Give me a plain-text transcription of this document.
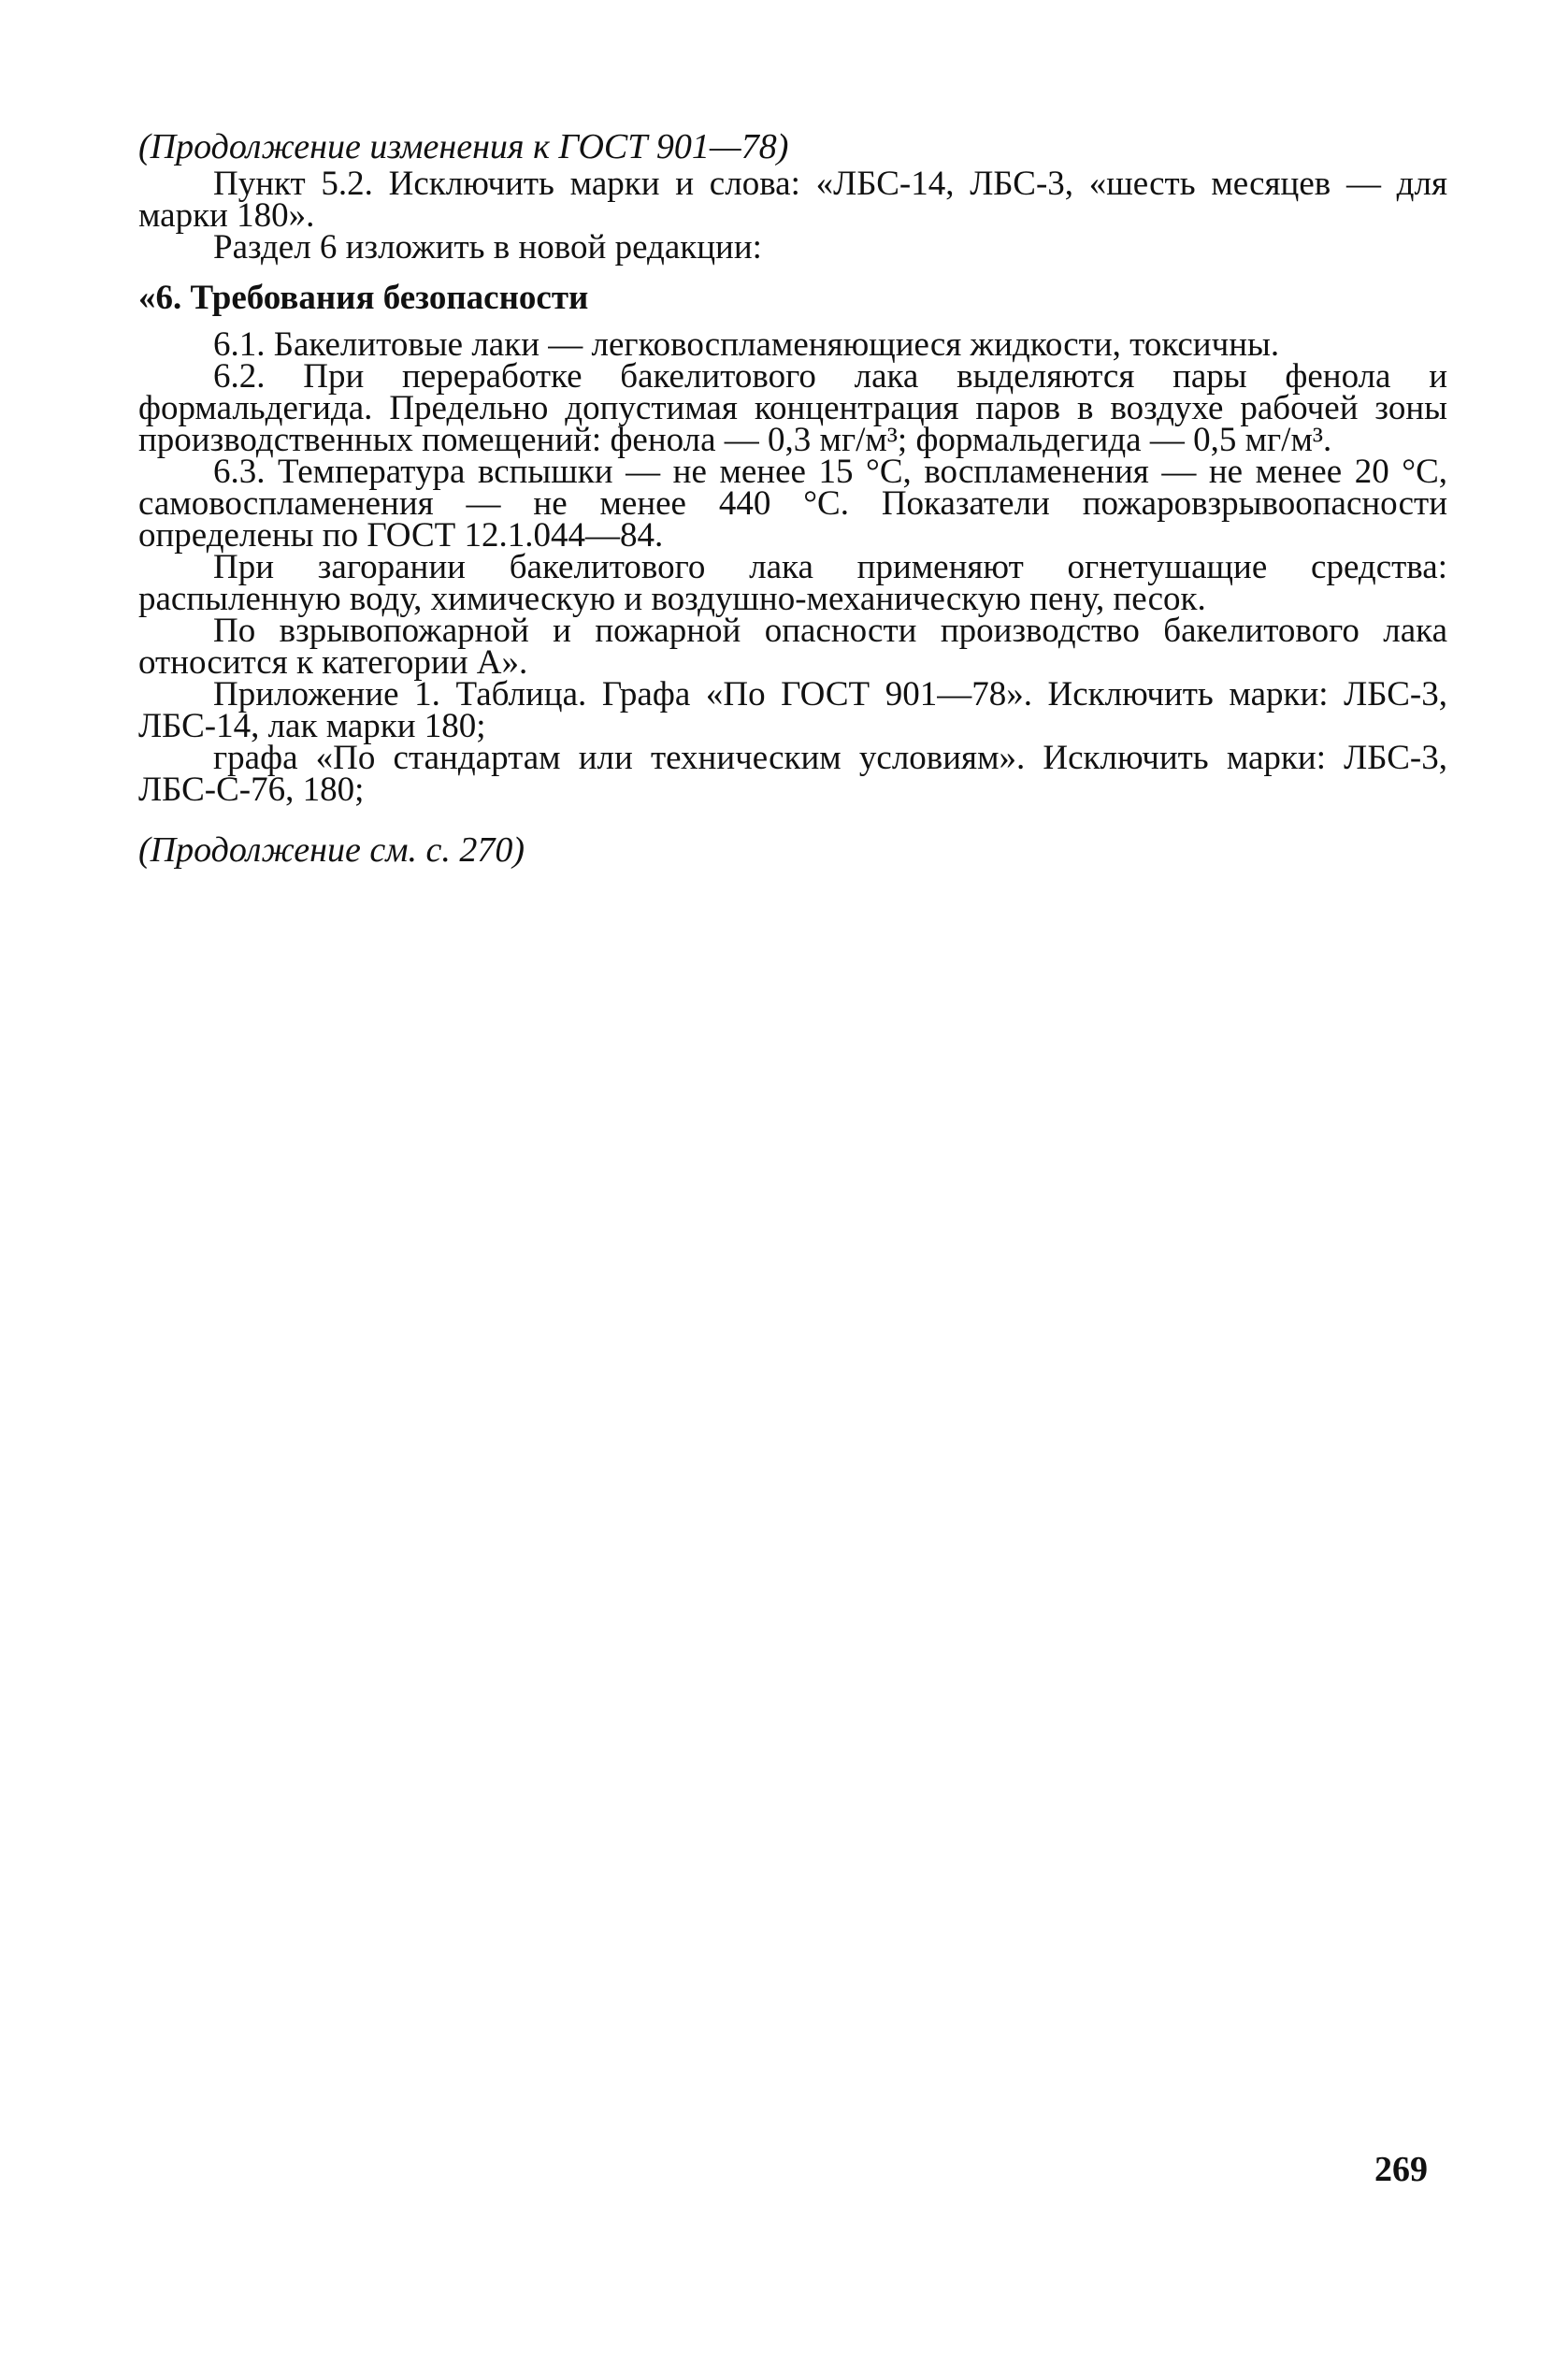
(Продолжение изменения к ГОСТ 901—78)

Пункт 5.2. Исключить марки и слова: «ЛБС-14, ЛБС-3, «шесть месяцев — для марки 180».

Раздел 6 изложить в новой редакции:

«6. Требования безопасности

6.1. Бакелитовые лаки — легковоспламеняющиеся жидкости, токсичны.

6.2. При переработке бакелитового лака выделяются пары фенола и формальдегида. Предельно допустимая концентрация паров в воздухе рабочей зоны производственных помещений: фенола — 0,3 мг/м³; формальдегида — 0,5 мг/м³.

6.3. Температура вспышки — не менее 15 °С, воспламенения — не менее 20 °С, самовоспламенения — не менее 440 °С. Показатели пожаровзрывоопасности определены по ГОСТ 12.1.044—84.

При загорании бакелитового лака применяют огнетушащие средства: распыленную воду, химическую и воздушно-механическую пену, песок.

По взрывопожарной и пожарной опасности производство бакелитового лака относится к категории А».

Приложение 1. Таблица. Графа «По ГОСТ 901—78». Исключить марки: ЛБС-3, ЛБС-14, лак марки 180;

графа «По стандартам или техническим условиям». Исключить марки: ЛБС-3, ЛБС-С-76, 180;

(Продолжение см. с. 270)

269
